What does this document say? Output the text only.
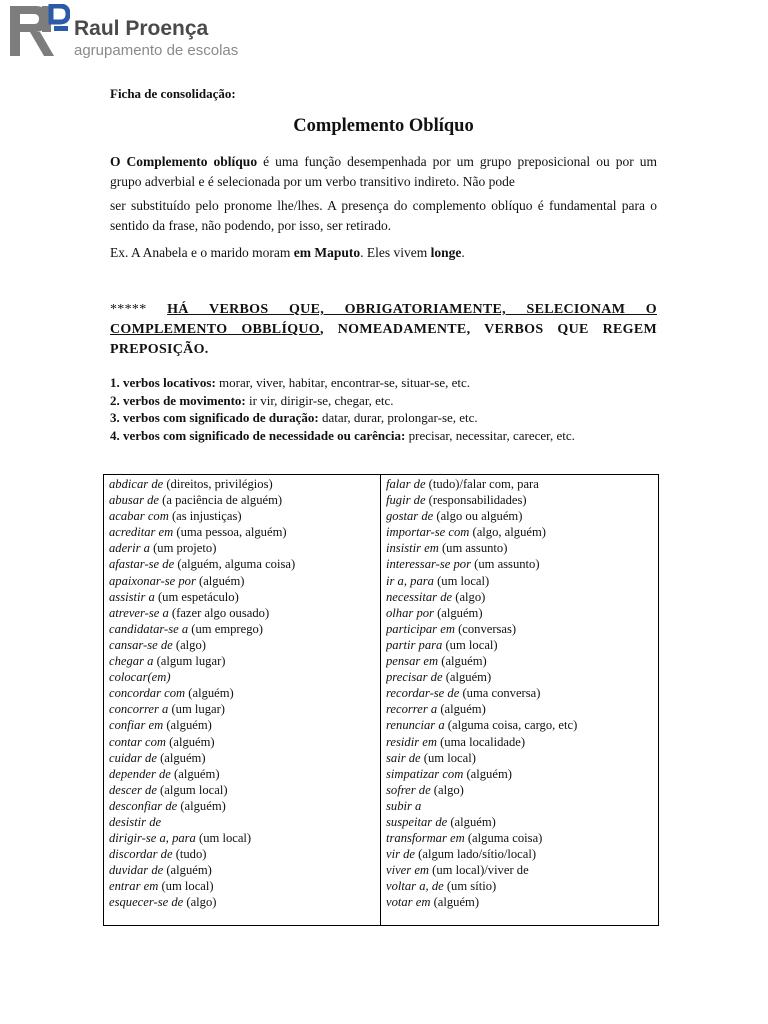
Raul Proença
agrupamento de escolas

Ficha de consolidação:

Complemento Oblíquo

O Complemento oblíquo é uma função desempenhada por um grupo preposicional ou por um grupo adverbial e é selecionada por um verbo transitivo indireto. Não pode

ser substituído pelo pronome lhe/lhes. A presença do complemento oblíquo é fundamental para o sentido da frase, não podendo, por isso, ser retirado.

Ex. A Anabela e o marido moram em Maputo. Eles vivem longe.

***** HÁ VERBOS QUE, OBRIGATORIAMENTE, SELECIONAM O COMPLEMENTO OBBLÍQUO, NOMEADAMENTE, VERBOS QUE REGEM PREPOSIÇÃO.

1. verbos locativos: morar, viver, habitar, encontrar-se, situar-se, etc.
2. verbos de movimento: ir vir, dirigir-se, chegar, etc.
3. verbos com significado de duração: datar, durar, prolongar-se, etc.
4. verbos com significado de necessidade ou carência: precisar, necessitar, carecer, etc.
abdicar de (direitos, privilégios)
abusar de (a paciência de alguém)
acabar com (as injustiças)
acreditar em (uma pessoa, alguém)
aderir a (um projeto)
afastar-se de (alguém, alguma coisa)
apaixonar-se por (alguém)
assistir a (um espetáculo)
atrever-se a (fazer algo ousado)
candidatar-se a (um emprego)
cansar-se de (algo)
chegar a (algum lugar)
colocar(em)
concordar com (alguém)
concorrer a (um lugar)
confiar em (alguém)
contar com (alguém)
cuidar de (alguém)
depender de (alguém)
descer de (algum local)
desconfiar de (alguém)
desistir de
dirigir-se a, para (um local)
discordar de (tudo)
duvidar de (alguém)
entrar em (um local)
esquecer-se de (algo)
falar de (tudo)/falar com, para
fugir de (responsabilidades)
gostar de (algo ou alguém)
importar-se com (algo, alguém)
insistir em (um assunto)
interessar-se por (um assunto)
ir a, para (um local)
necessitar de (algo)
olhar por (alguém)
participar em (conversas)
partir para (um local)
pensar em (alguém)
precisar de (alguém)
recordar-se de (uma conversa)
recorrer a (alguém)
renunciar a (alguma coisa, cargo, etc)
residir em (uma localidade)
sair de (um local)
simpatizar com (alguém)
sofrer de (algo)
subir a
suspeitar de (alguém)
transformar em (alguma coisa)
vir de (algum lado/sítio/local)
viver em (um local)/viver de
voltar a, de (um sítio)
votar em (alguém)
